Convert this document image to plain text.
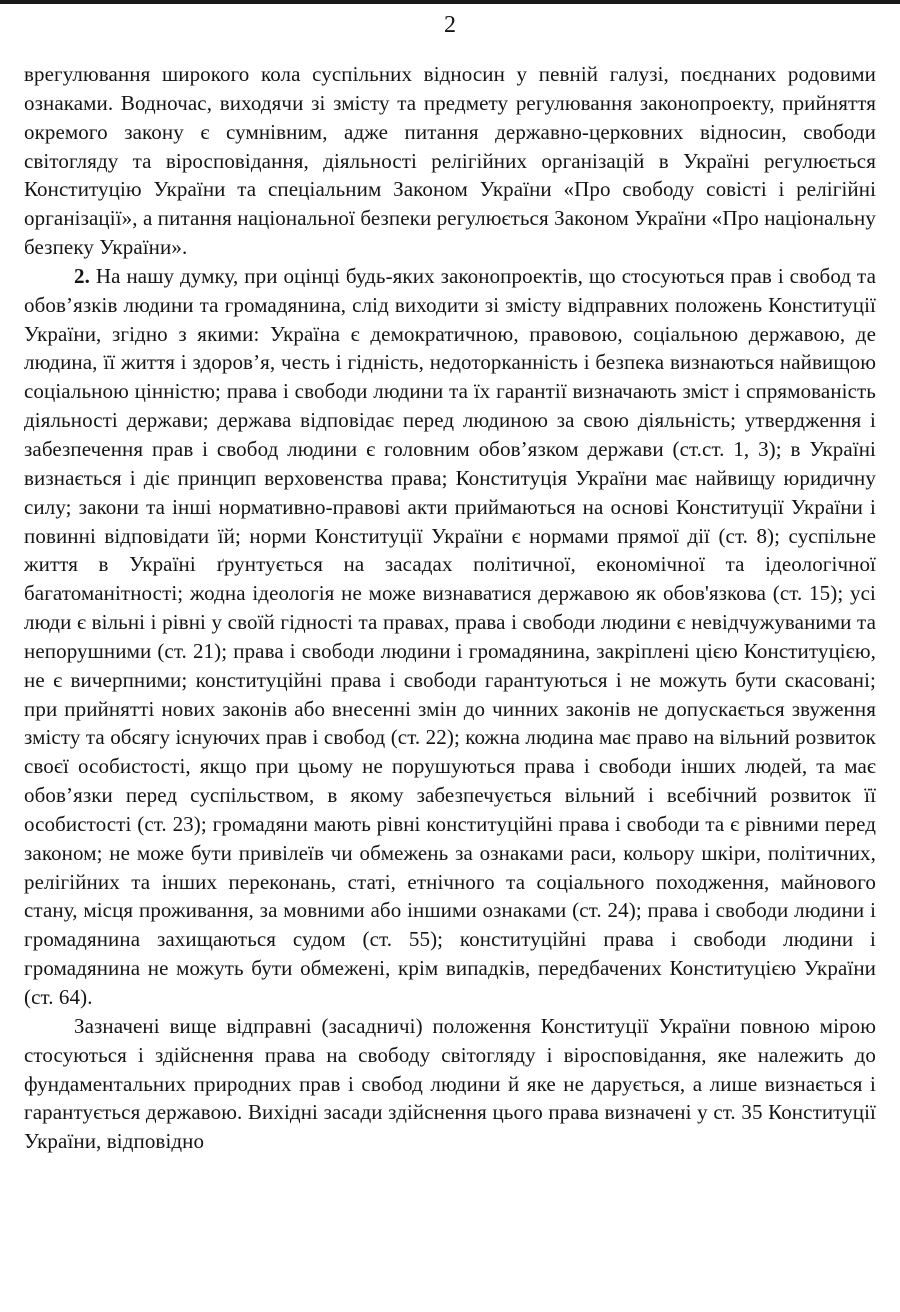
2

врегулювання широкого кола суспільних відносин у певній галузі, поєднаних родовими ознаками. Водночас, виходячи зі змісту та предмету регулювання законопроекту, прийняття окремого закону є сумнівним, адже питання державно-церковних відносин, свободи світогляду та віросповідання, діяльності релігійних організацій в Україні регулюється Конституцію України та спеціальним Законом України «Про свободу совісті і релігійні організації», а питання національної безпеки регулюється Законом України «Про національну безпеку України».

2. На нашу думку, при оцінці будь-яких законопроектів, що стосуються прав і свобод та обов’язків людини та громадянина, слід виходити зі змісту відправних положень Конституції України, згідно з якими: Україна є демократичною, правовою, соціальною державою, де людина, її життя і здоров’я, честь і гідність, недоторканність і безпека визнаються найвищою соціальною цінністю; права і свободи людини та їх гарантії визначають зміст і спрямованість діяльності держави; держава відповідає перед людиною за свою діяльність; утвердження і забезпечення прав і свобод людини є головним обов’язком держави (ст.ст. 1, 3); в Україні визнається і діє принцип верховенства права; Конституція України має найвищу юридичну силу; закони та інші нормативно-правові акти приймаються на основі Конституції України і повинні відповідати їй; норми Конституції України є нормами прямої дії (ст. 8); суспільне життя в Україні ґрунтується на засадах політичної, економічної та ідеологічної багатоманітності; жодна ідеологія не може визнаватися державою як обов'язкова (ст. 15); усі люди є вільні і рівні у своїй гідності та правах, права і свободи людини є невідчужуваними та непорушними (ст. 21); права і свободи людини і громадянина, закріплені цією Конституцією, не є вичерпними; конституційні права і свободи гарантуються і не можуть бути скасовані; при прийнятті нових законів або внесенні змін до чинних законів не допускається звуження змісту та обсягу існуючих прав і свобод (ст. 22); кожна людина має право на вільний розвиток своєї особистості, якщо при цьому не порушуються права і свободи інших людей, та має обов’язки перед суспільством, в якому забезпечується вільний і всебічний розвиток її особистості (ст. 23); громадяни мають рівні конституційні права і свободи та є рівними перед законом; не може бути привілеїв чи обмежень за ознаками раси, кольору шкіри, політичних, релігійних та інших переконань, статі, етнічного та соціального походження, майнового стану, місця проживання, за мовними або іншими ознаками (ст. 24); права і свободи людини і громадянина захищаються судом (ст. 55); конституційні права і свободи людини і громадянина не можуть бути обмежені, крім випадків, передбачених Конституцією України (ст. 64).

Зазначені вище відправні (засадничі) положення Конституції України повною мірою стосуються і здійснення права на свободу світогляду і віросповідання, яке належить до фундаментальних природних прав і свобод людини й яке не дарується, а лише визнається і гарантується державою. Вихідні засади здійснення цього права визначені у ст. 35 Конституції України, відповідно
